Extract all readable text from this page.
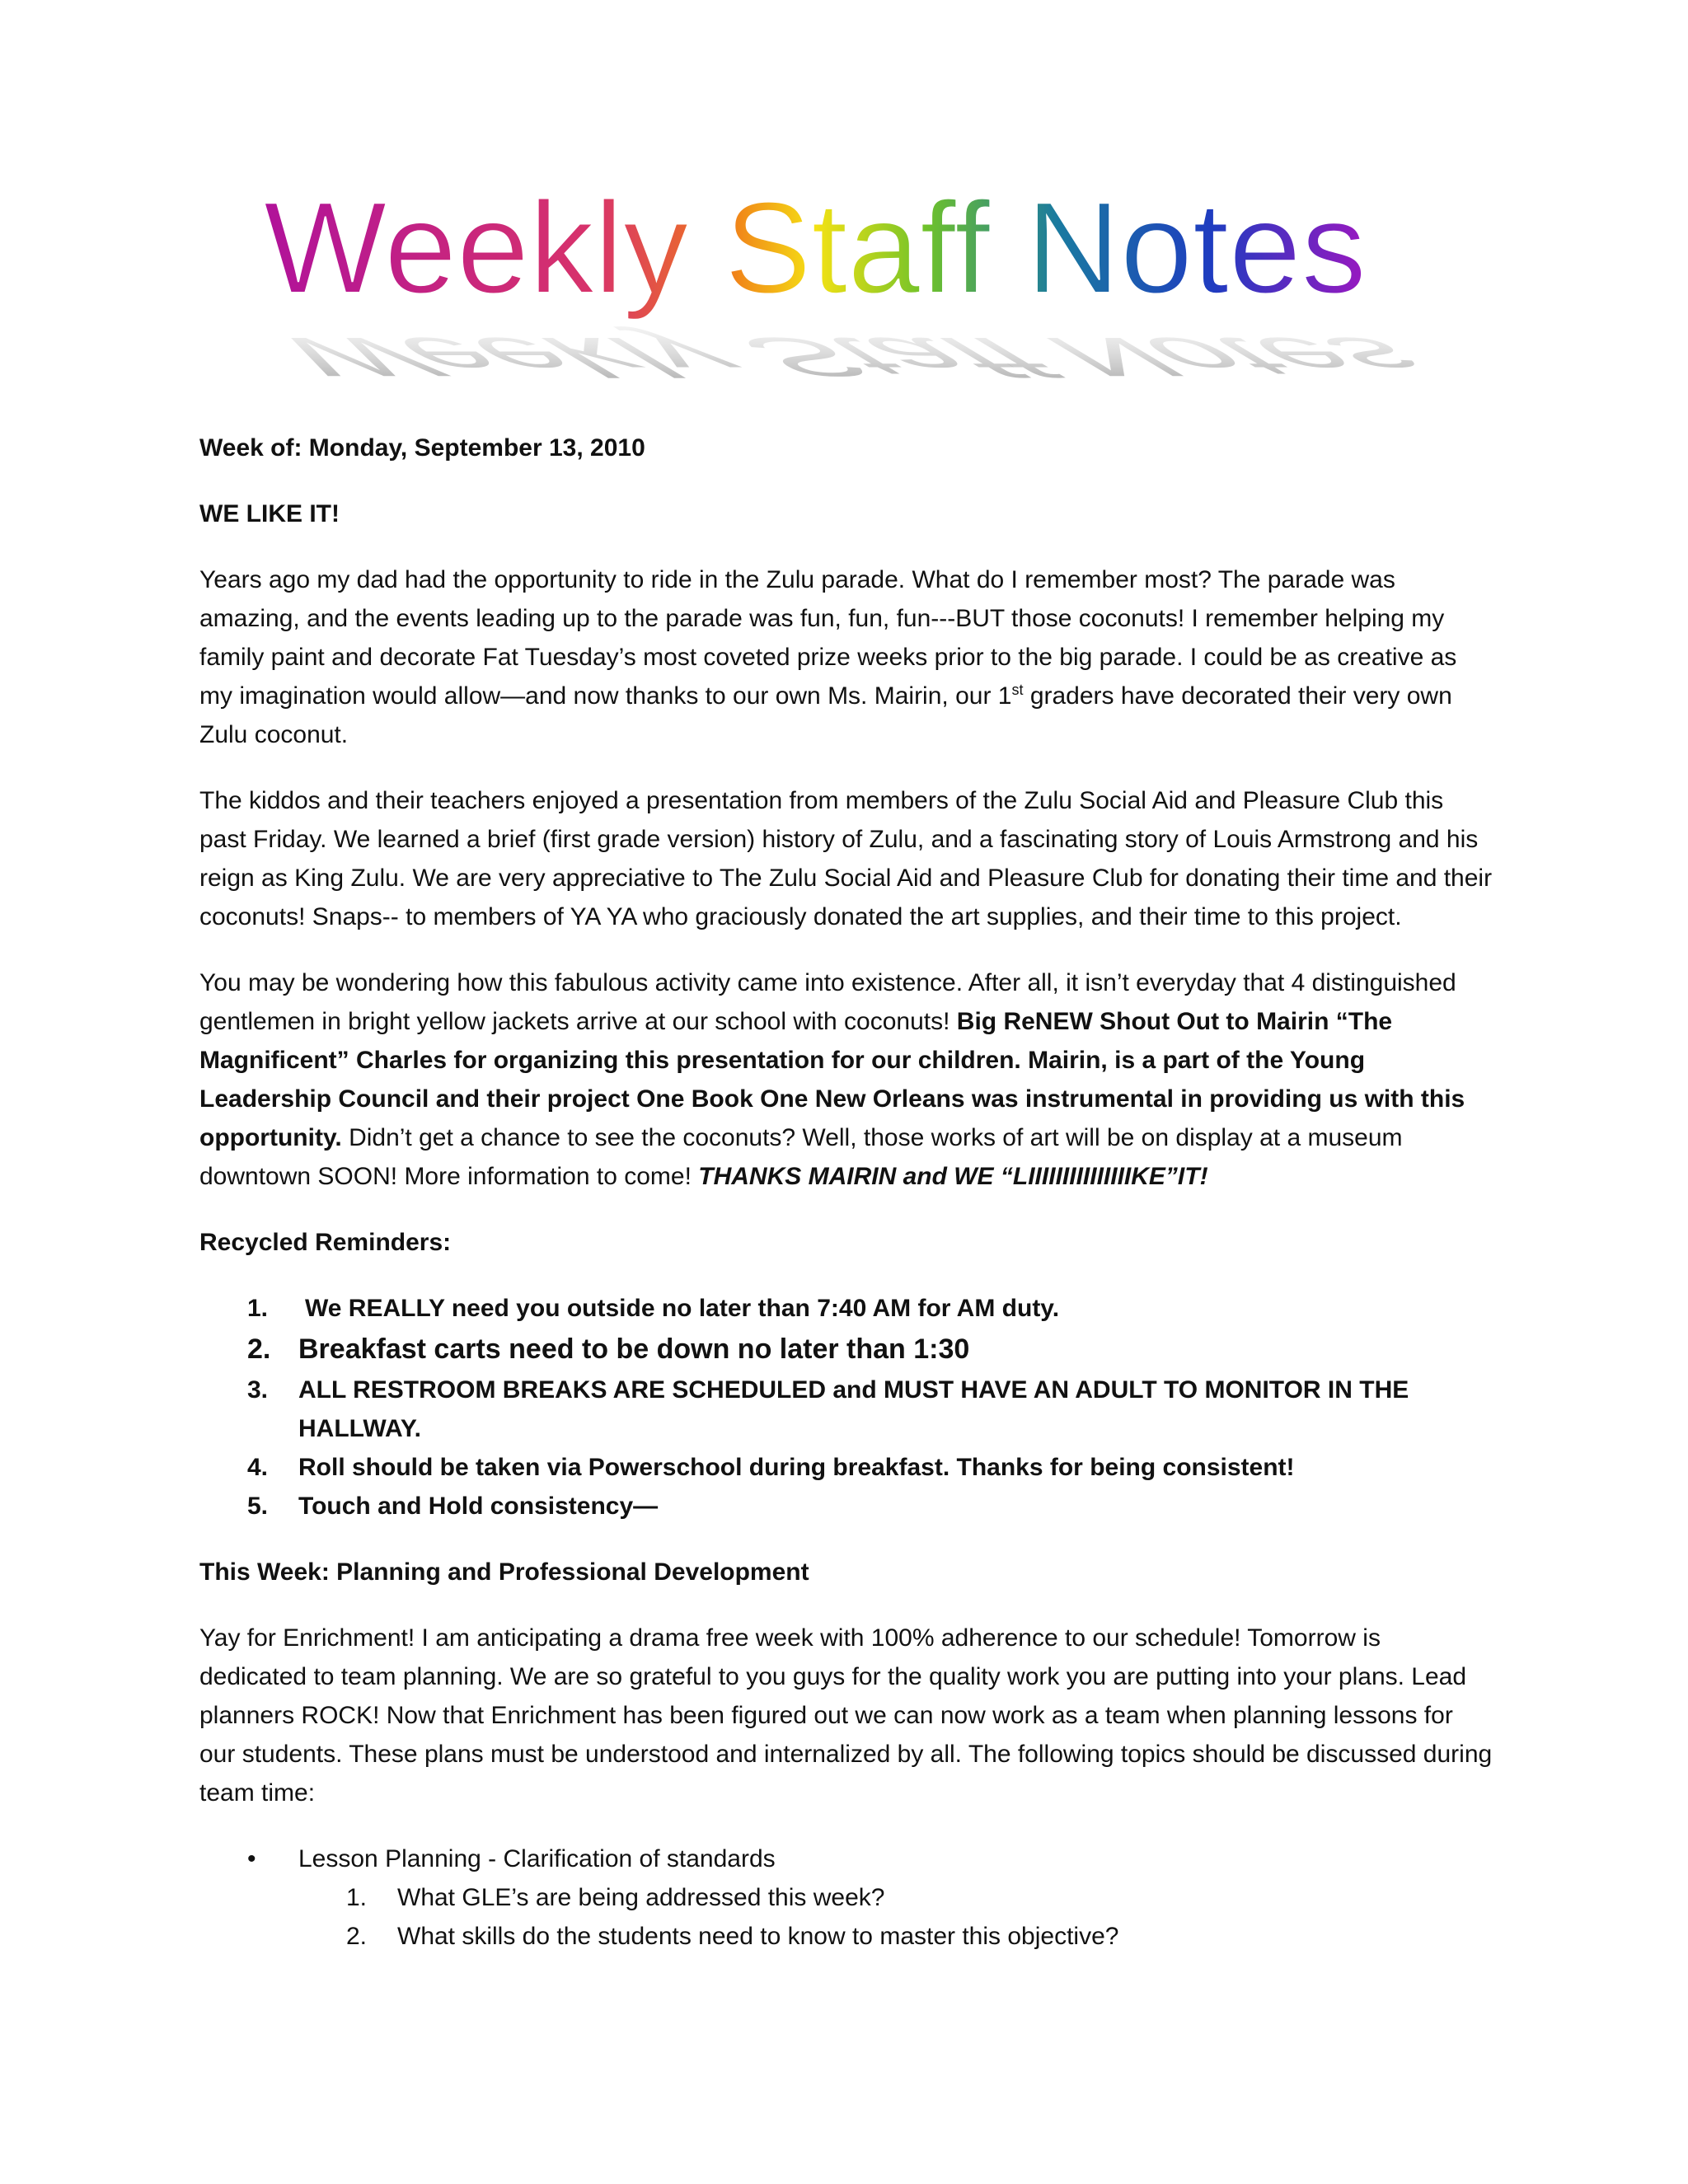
Weekly Staff Notes
Weekly Staff Notes

Week of: Monday, September 13, 2010

WE LIKE IT!

Years ago my dad had the opportunity to ride in the Zulu parade. What do I remember most? The parade was amazing, and the events leading up to the parade was fun, fun, fun---BUT those coconuts! I remember helping my family paint and decorate Fat Tuesday’s most coveted prize weeks prior to the big parade. I could be as creative as my imagination would allow—and now thanks to our own Ms. Mairin, our 1st graders have decorated their very own Zulu coconut.

The kiddos and their teachers enjoyed a presentation from members of the Zulu Social Aid and Pleasure Club this past Friday. We learned a brief (first grade version) history of Zulu, and a fascinating story of Louis Armstrong and his reign as King Zulu. We are very appreciative to The Zulu Social Aid and Pleasure Club for donating their time and their coconuts! Snaps-- to members of YA YA who graciously donated the art supplies, and their time to this project.

You may be wondering how this fabulous activity came into existence. After all, it isn’t everyday that 4 distinguished gentlemen in bright yellow jackets arrive at our school with coconuts! Big ReNEW Shout Out to Mairin “The Magnificent” Charles for organizing this presentation for our children. Mairin, is a part of the Young Leadership Council and their project One Book One New Orleans was instrumental in providing us with this opportunity. Didn’t get a chance to see the coconuts? Well, those works of art will be on display at a museum downtown SOON! More information to come! THANKS MAIRIN and WE “LIIIIIIIIIIIIIIIKE”IT!

Recycled Reminders:

1. We REALLY need you outside no later than 7:40 AM for AM duty.
2. Breakfast carts need to be down no later than 1:30
3. ALL RESTROOM BREAKS ARE SCHEDULED and MUST HAVE AN ADULT TO MONITOR IN THE HALLWAY.
4. Roll should be taken via Powerschool during breakfast. Thanks for being consistent!
5. Touch and Hold consistency—

This Week: Planning and Professional Development

Yay for Enrichment! I am anticipating a drama free week with 100% adherence to our schedule! Tomorrow is dedicated to team planning. We are so grateful to you guys for the quality work you are putting into your plans. Lead planners ROCK! Now that Enrichment has been figured out we can now work as a team when planning lessons for our students. These plans must be understood and internalized by all. The following topics should be discussed during team time:

• Lesson Planning - Clarification of standards
1. What GLE’s are being addressed this week?
2. What skills do the students need to know to master this objective?
